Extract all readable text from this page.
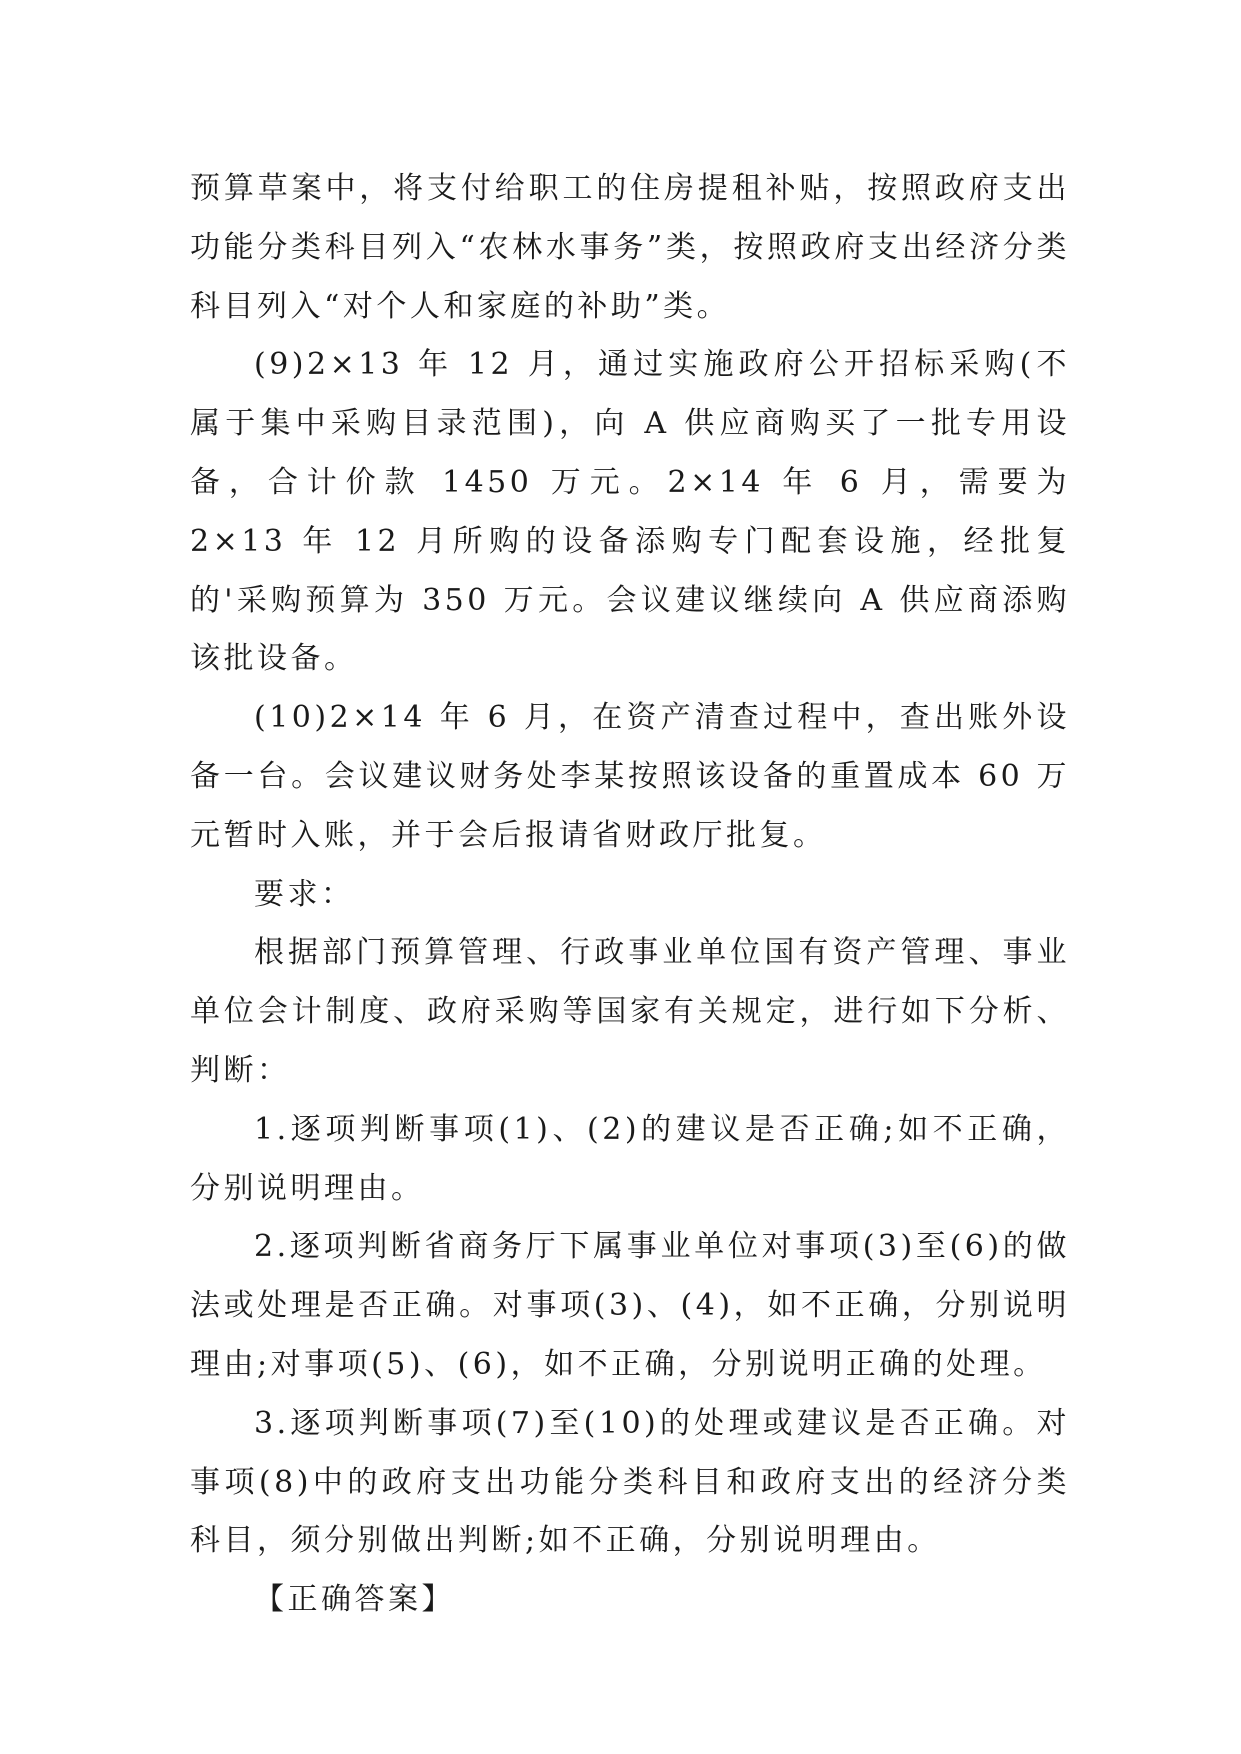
预算草案中，将支付给职工的住房提租补贴，按照政府支出功能分类科目列入“农林水事务”类，按照政府支出经济分类科目列入“对个人和家庭的补助”类。

(9)2×13 年 12 月，通过实施政府公开招标采购(不属于集中采购目录范围)，向 A 供应商购买了一批专用设备，合计价款 1450 万元。2×14 年 6 月，需要为 2×13 年 12 月所购的设备添购专门配套设施，经批复的'采购预算为 350 万元。会议建议继续向 A 供应商添购该批设备。

(10)2×14 年 6 月，在资产清查过程中，查出账外设备一台。会议建议财务处李某按照该设备的重置成本 60 万元暂时入账，并于会后报请省财政厅批复。

要求：

根据部门预算管理、行政事业单位国有资产管理、事业单位会计制度、政府采购等国家有关规定，进行如下分析、判断：

1.逐项判断事项(1)、(2)的建议是否正确;如不正确，分别说明理由。

2.逐项判断省商务厅下属事业单位对事项(3)至(6)的做法或处理是否正确。对事项(3)、(4)，如不正确，分别说明理由;对事项(5)、(6)，如不正确，分别说明正确的处理。

3.逐项判断事项(7)至(10)的处理或建议是否正确。对事项(8)中的政府支出功能分类科目和政府支出的经济分类科目，须分别做出判断;如不正确，分别说明理由。

【正确答案】
